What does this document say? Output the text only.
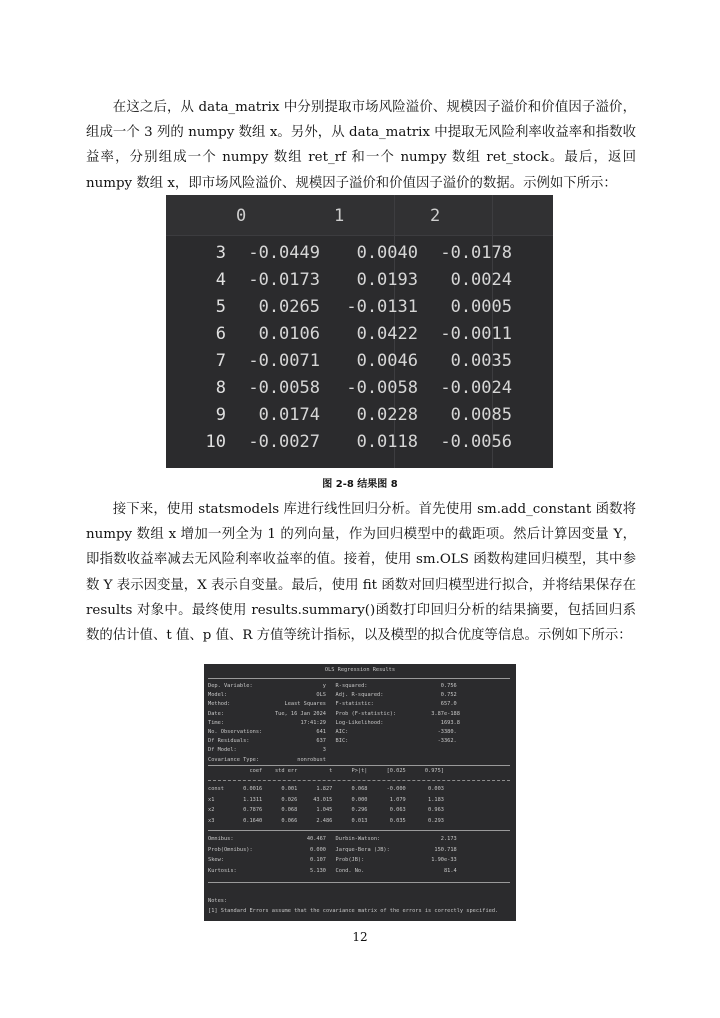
在这之后，从 data_matrix 中分别提取市场风险溢价、规模因子溢价和价值因子溢价，组成一个 3 列的 numpy 数组 x。另外，从 data_matrix 中提取无风险利率收益率和指数收益率，分别组成一个 numpy 数组 ret_rf 和一个 numpy 数组 ret_stock。最后，返回 numpy 数组 x，即市场风险溢价、规模因子溢价和价值因子溢价的数据。示例如下所示：

0	1	2
3	-0.0449	0.0040	-0.0178
4	-0.0173	0.0193	0.0024
5	0.0265	-0.0131	0.0005
6	0.0106	0.0422	-0.0011
7	-0.0071	0.0046	0.0035
8	-0.0058	-0.0058	-0.0024
9	0.0174	0.0228	0.0085
10	-0.0027	0.0118	-0.0056
图 2-8 结果图 8

接下来，使用 statsmodels 库进行线性回归分析。首先使用 sm.add_constant 函数将 numpy 数组 x 增加一列全为 1 的列向量，作为回归模型中的截距项。然后计算因变量 Y，即指数收益率减去无风险利率收益率的值。接着，使用 sm.OLS 函数构建回归模型，其中参数 Y 表示因变量，X 表示自变量。最后，使用 fit 函数对回归模型进行拟合，并将结果保存在 results 对象中。最终使用 results.summary()函数打印回归分析的结果摘要，包括回归系数的估计值、t 值、p 值、R 方值等统计指标，以及模型的拟合优度等信息。示例如下所示：

OLS Regression Results
Dep. Variable:                      y   R-squared:                       0.756
Model:                            OLS   Adj. R-squared:                  0.752
Method:                 Least Squares   F-statistic:                     657.0
Date:                Tue, 16 Jan 2024   Prob (F-statistic):           3.87e-188
Time:                        17:41:29   Log-Likelihood:                  1693.8
No. Observations:                 641   AIC:                            -3380.
Df Residuals:                     637   BIC:                            -3362.
Df Model:                           3
Covariance Type:            nonrobust
coef    std err          t      P>|t|      [0.025      0.975]
const      0.0016      0.001      1.827      0.068      -0.000       0.003
x1         1.1311      0.026     43.015      0.000       1.079       1.183
x2         0.7876      0.068      1.045      0.296       0.063       0.963
x3         0.1640      0.066      2.486      0.013       0.035       0.293
Omnibus:                       40.467   Durbin-Watson:                   2.173
Prob(Omnibus):                  0.000   Jarque-Bera (JB):              150.718
Skew:                           0.107   Prob(JB):                     1.90e-33
Kurtosis:                       5.130   Cond. No.                         81.4
Notes:
[1] Standard Errors assume that the covariance matrix of the errors is correctly specified.
12
